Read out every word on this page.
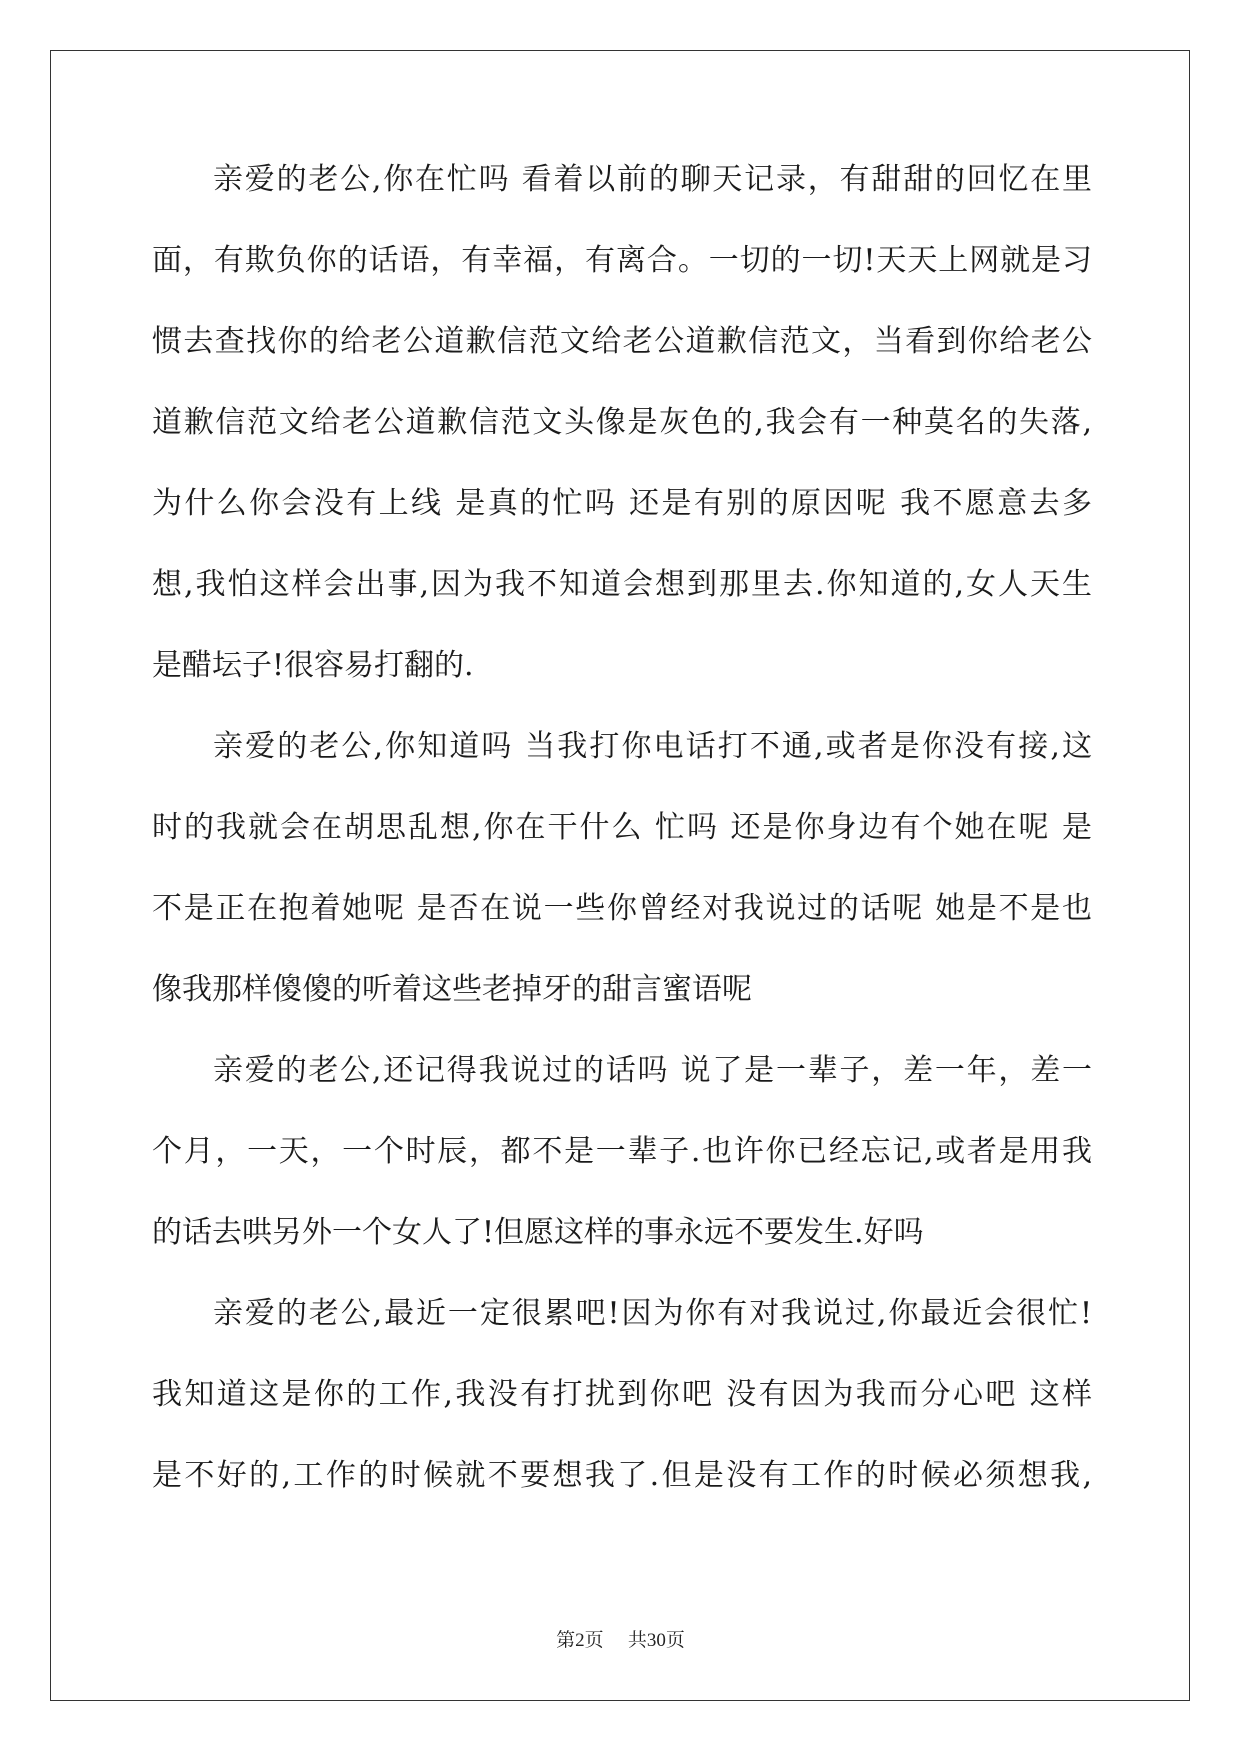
亲爱的老公,你在忙吗 看着以前的聊天记录，有甜甜的回忆在里
面，有欺负你的话语，有幸福，有离合。一切的一切!天天上网就是习
惯去查找你的给老公道歉信范文给老公道歉信范文，当看到你给老公
道歉信范文给老公道歉信范文头像是灰色的,我会有一种莫名的失落,
为什么你会没有上线 是真的忙吗 还是有别的原因呢 我不愿意去多
想,我怕这样会出事,因为我不知道会想到那里去.你知道的,女人天生
是醋坛子!很容易打翻的.
亲爱的老公,你知道吗 当我打你电话打不通,或者是你没有接,这
时的我就会在胡思乱想,你在干什么 忙吗 还是你身边有个她在呢 是
不是正在抱着她呢 是否在说一些你曾经对我说过的话呢 她是不是也
像我那样傻傻的听着这些老掉牙的甜言蜜语呢
亲爱的老公,还记得我说过的话吗 说了是一辈子，差一年，差一
个月，一天，一个时辰，都不是一辈子.也许你已经忘记,或者是用我
的话去哄另外一个女人了!但愿这样的事永远不要发生.好吗
亲爱的老公,最近一定很累吧!因为你有对我说过,你最近会很忙!
我知道这是你的工作,我没有打扰到你吧 没有因为我而分心吧 这样
是不好的,工作的时候就不要想我了.但是没有工作的时候必须想我,
第2页 共30页
